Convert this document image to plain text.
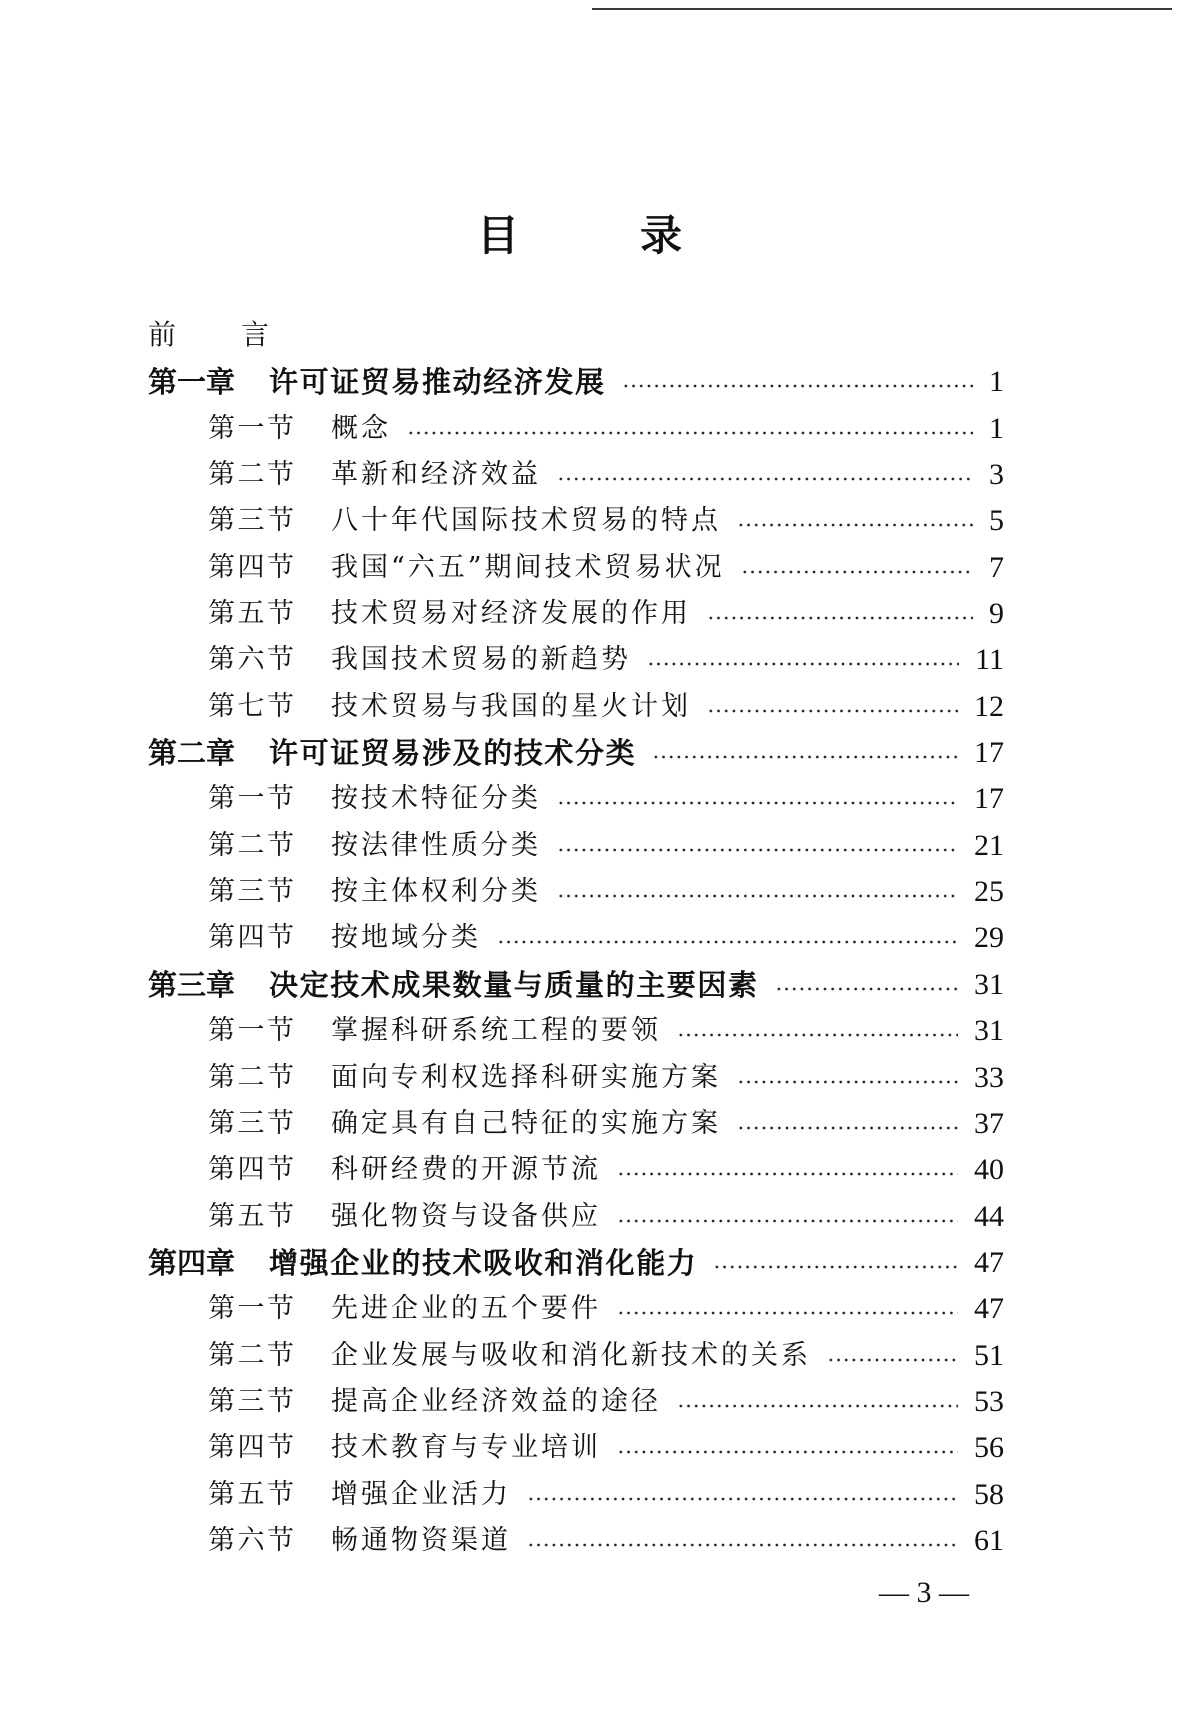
目录
前言
第一章	许可证贸易推动经济发展	1
第一节	概念	1
第二节	革新和经济效益	3
第三节	八十年代国际技术贸易的特点	5
第四节	我国“六五”期间技术贸易状况	7
第五节	技术贸易对经济发展的作用	9
第六节	我国技术贸易的新趋势	11
第七节	技术贸易与我国的星火计划	12
第二章	许可证贸易涉及的技术分类	17
第一节	按技术特征分类	17
第二节	按法律性质分类	21
第三节	按主体权利分类	25
第四节	按地域分类	29
第三章	决定技术成果数量与质量的主要因素	31
第一节	掌握科研系统工程的要领	31
第二节	面向专利权选择科研实施方案	33
第三节	确定具有自己特征的实施方案	37
第四节	科研经费的开源节流	40
第五节	强化物资与设备供应	44
第四章	增强企业的技术吸收和消化能力	47
第一节	先进企业的五个要件	47
第二节	企业发展与吸收和消化新技术的关系	51
第三节	提高企业经济效益的途径	53
第四节	技术教育与专业培训	56
第五节	增强企业活力	58
第六节	畅通物资渠道	61
— 3 —
